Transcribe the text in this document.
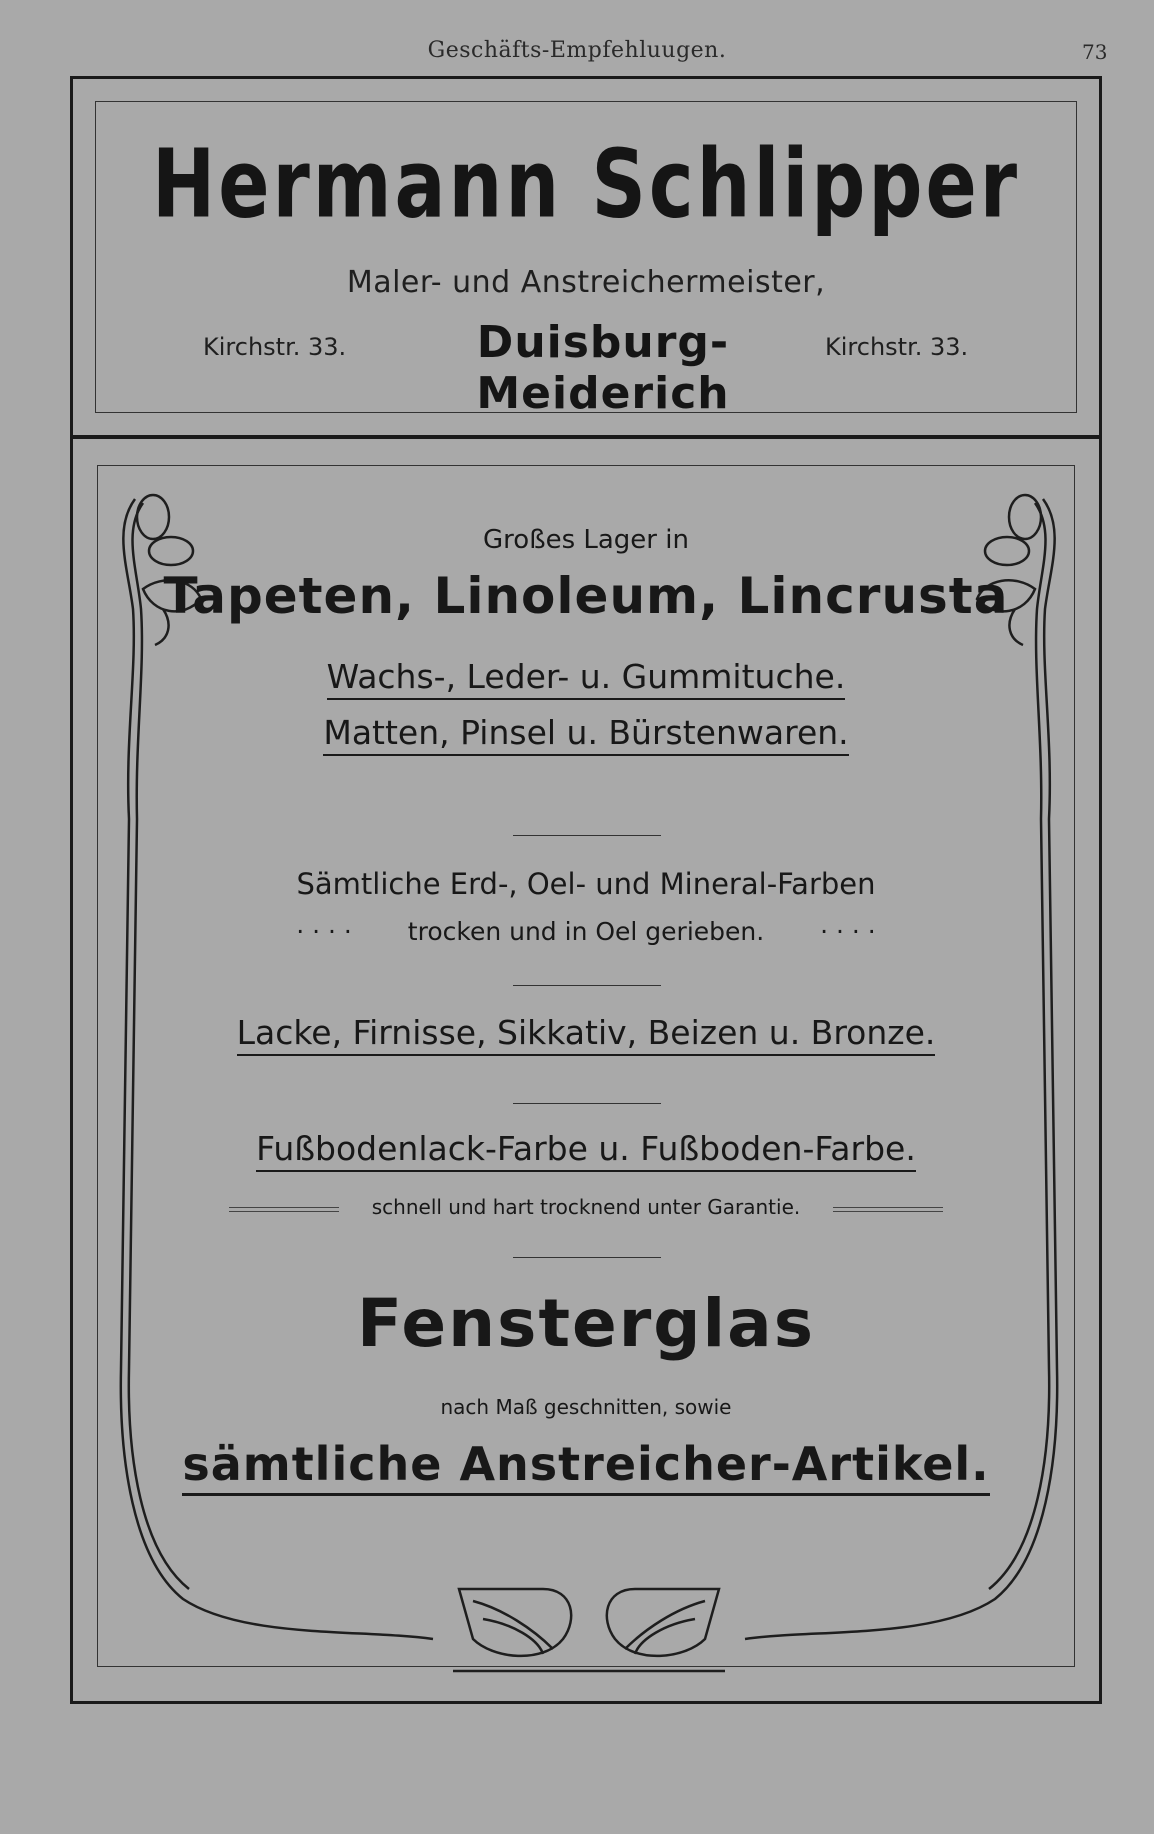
Geschäfts-Empfehluugen.	73
Hermann Schlipper
Maler- und Anstreichermeister,
Kirchstr. 33.	Duisburg-Meiderich
Kirchstr. 33.
Großes Lager in
Tapeten, Linoleum, Lincrusta
Wachs-, Leder- u. Gummituche.
Matten, Pinsel u. Bürstenwaren.
Sämtliche Erd-, Oel- und Mineral-Farben
· · · · trocken und in Oel gerieben. · · · ·
Lacke, Firnisse, Sikkativ, Beizen u. Bronze.
Fußbodenlack-Farbe u. Fußboden-Farbe.
schnell und hart trocknend unter Garantie.
Fensterglas
nach Maß geschnitten, sowie
sämtliche Anstreicher-Artikel.
